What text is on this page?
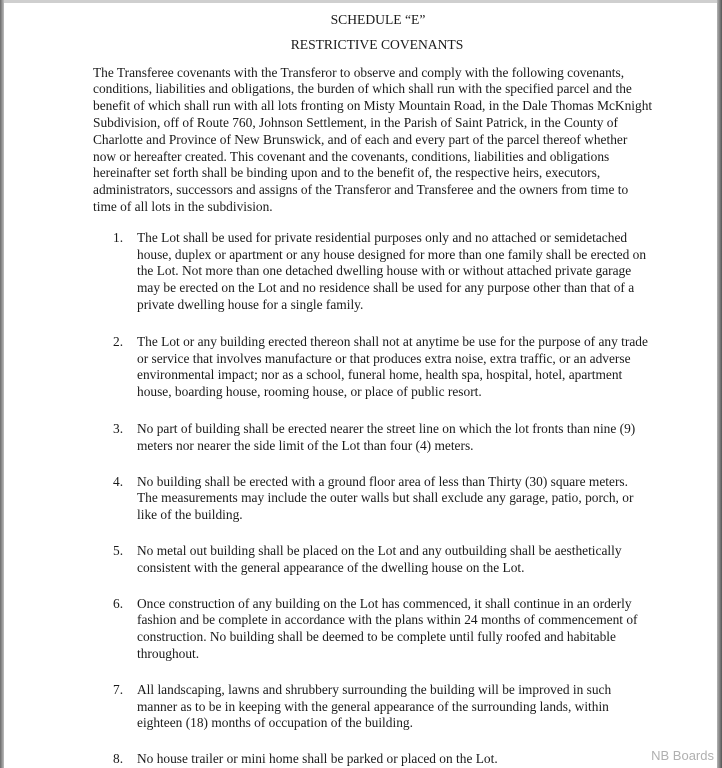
SCHEDULE “E”

RESTRICTIVE COVENANTS

The Transferee covenants with the Transferor to observe and comply with the following covenants, conditions, liabilities and obligations, the burden of which shall run with the specified parcel and the benefit of which shall run with all lots fronting on Misty Mountain Road, in the Dale Thomas McKnight Subdivision, off of Route 760, Johnson Settlement, in the Parish of Saint Patrick, in the County of Charlotte and Province of New Brunswick, and of each and every part of the parcel thereof whether now or hereafter created. This covenant and the covenants, conditions, liabilities and obligations hereinafter set forth shall be binding upon and to the benefit of, the respective heirs, executors, administrators, successors and assigns of the Transferor and Transferee and the owners from time to time of all lots in the subdivision.

1. The Lot shall be used for private residential purposes only and no attached or semidetached house, duplex or apartment or any house designed for more than one family shall be erected on the Lot. Not more than one detached dwelling house with or without attached private garage may be erected on the Lot and no residence shall be used for any purpose other than that of a private dwelling house for a single family.
2. The Lot or any building erected thereon shall not at anytime be use for the purpose of any trade or service that involves manufacture or that produces extra noise, extra traffic, or an adverse environmental impact; nor as a school, funeral home, health spa, hospital, hotel, apartment house, boarding house, rooming house, or place of public resort.
3. No part of building shall be erected nearer the street line on which the lot fronts than nine (9) meters nor nearer the side limit of the Lot than four (4) meters.
4. No building shall be erected with a ground floor area of less than Thirty (30) square meters. The measurements may include the outer walls but shall exclude any garage, patio, porch, or like of the building.
5. No metal out building shall be placed on the Lot and any outbuilding shall be aesthetically consistent with the general appearance of the dwelling house on the Lot.
6. Once construction of any building on the Lot has commenced, it shall continue in an orderly fashion and be complete in accordance with the plans within 24 months of commencement of construction. No building shall be deemed to be complete until fully roofed and habitable throughout.
7. All landscaping, lawns and shrubbery surrounding the building will be improved in such manner as to be in keeping with the general appearance of the surrounding lands, within eighteen (18) months of occupation of the building.
8. No house trailer or mini home shall be parked or placed on the Lot.	NB Boards
